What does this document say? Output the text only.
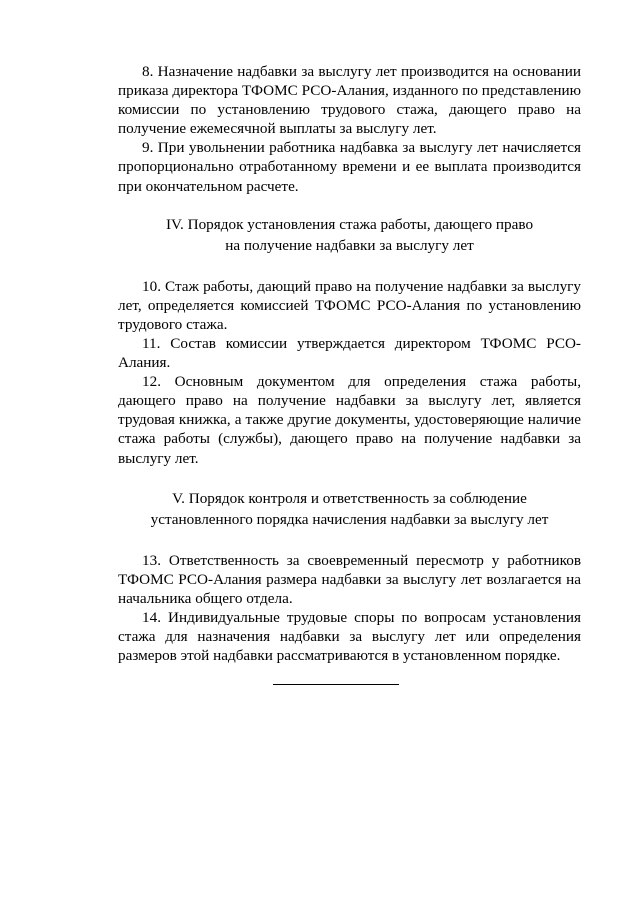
8. Назначение надбавки за выслугу лет производится на основании приказа директора ТФОМС РСО-Алания, изданного по представлению комиссии по установлению трудового стажа, дающего право на получение ежемесячной выплаты за выслугу лет.

9. При увольнении работника надбавка за выслугу лет начисляется пропорционально отработанному времени и ее выплата производится при окончательном расчете.

IV. Порядок установления стажа работы, дающего право
на получение надбавки за выслугу лет

10. Стаж работы, дающий право на получение надбавки за выслугу лет, определяется комиссией ТФОМС РСО-Алания по установлению трудового стажа.

11. Состав комиссии утверждается директором ТФОМС РСО-Алания.

12. Основным документом для определения стажа работы, дающего право на получение надбавки за выслугу лет, является трудовая книжка, а также другие документы, удостоверяющие наличие стажа работы (службы), дающего право на получение надбавки за выслугу лет.

V. Порядок контроля и ответственность за соблюдение
установленного порядка начисления надбавки за выслугу лет

13. Ответственность за своевременный пересмотр у работников ТФОМС РСО-Алания размера надбавки за выслугу лет возлагается на начальника общего отдела.

14. Индивидуальные трудовые споры по вопросам установления стажа для назначения надбавки за выслугу лет или определения размеров этой надбавки рассматриваются в установленном порядке.
